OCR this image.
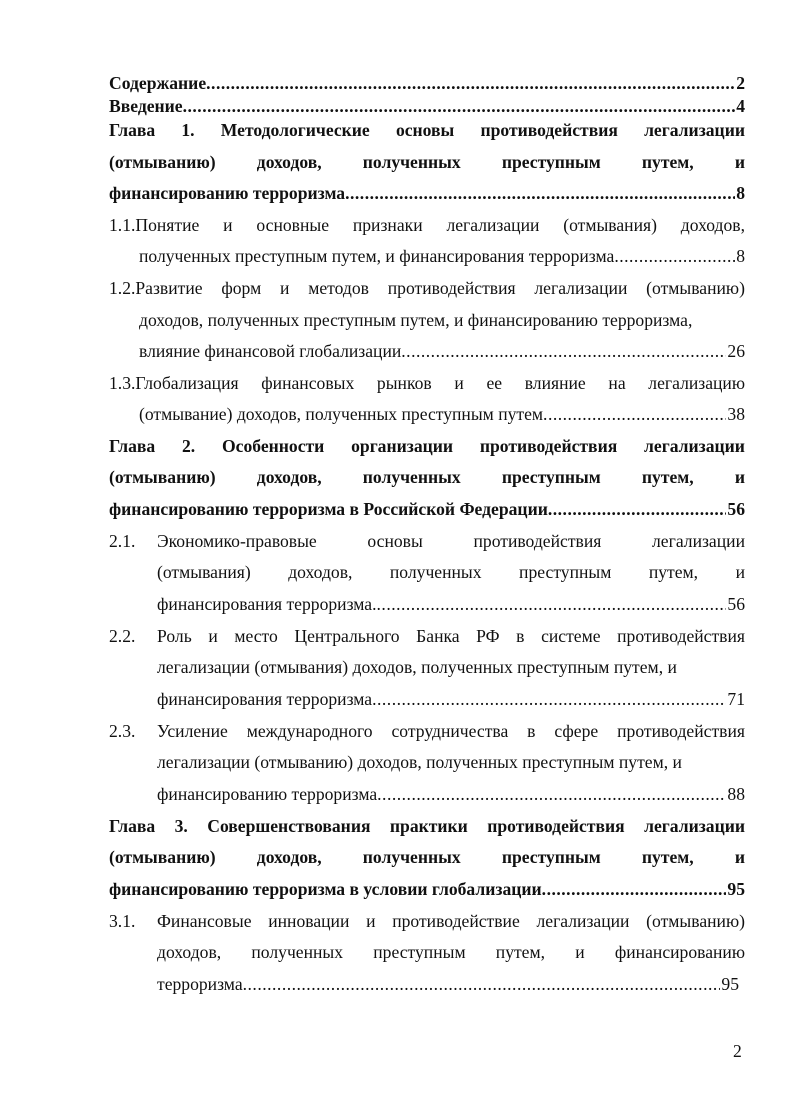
Содержание .....	2
Введение .....	4
Глава 1. Методологические основы противодействия легализации
(отмыванию) доходов, полученных преступным путем, и
финансированию терроризма .....	8
1.1. Понятие и основные признаки легализации (отмывания) доходов,
полученных преступным путем, и финансирования терроризма .....	8
1.2. Развитие форм и методов противодействия легализации (отмыванию)
доходов, полученных преступным путем, и финансированию терроризма,
влияние финансовой глобализации .....	26
1.3. Глобализация финансовых рынков и ее влияние на легализацию
(отмывание) доходов, полученных преступным путем .....	38
Глава 2. Особенности организации противодействия легализации
(отмыванию) доходов, полученных преступным путем, и
финансированию терроризма в Российской Федерации .....	56
2.1. Экономико-правовые	основы	противодействия	легализации
(отмывания) доходов, полученных преступным путем, и
финансирования терроризма. .....	56
2.2. Роль и место Центрального Банка РФ в системе противодействия
легализации (отмывания) доходов, полученных преступным путем, и
финансирования терроризма .....	71
2.3. Усиление международного сотрудничества в сфере противодействия
легализации (отмыванию) доходов, полученных преступным путем, и
финансированию терроризма .....	88
Глава 3. Совершенствования практики противодействия легализации
(отмыванию) доходов, полученных преступным путем, и
финансированию терроризма в условии глобализации .....	95
3.1. Финансовые инновации и противодействие легализации (отмыванию)
доходов, полученных преступным путем, и финансированию
терроризма .....	95
2
